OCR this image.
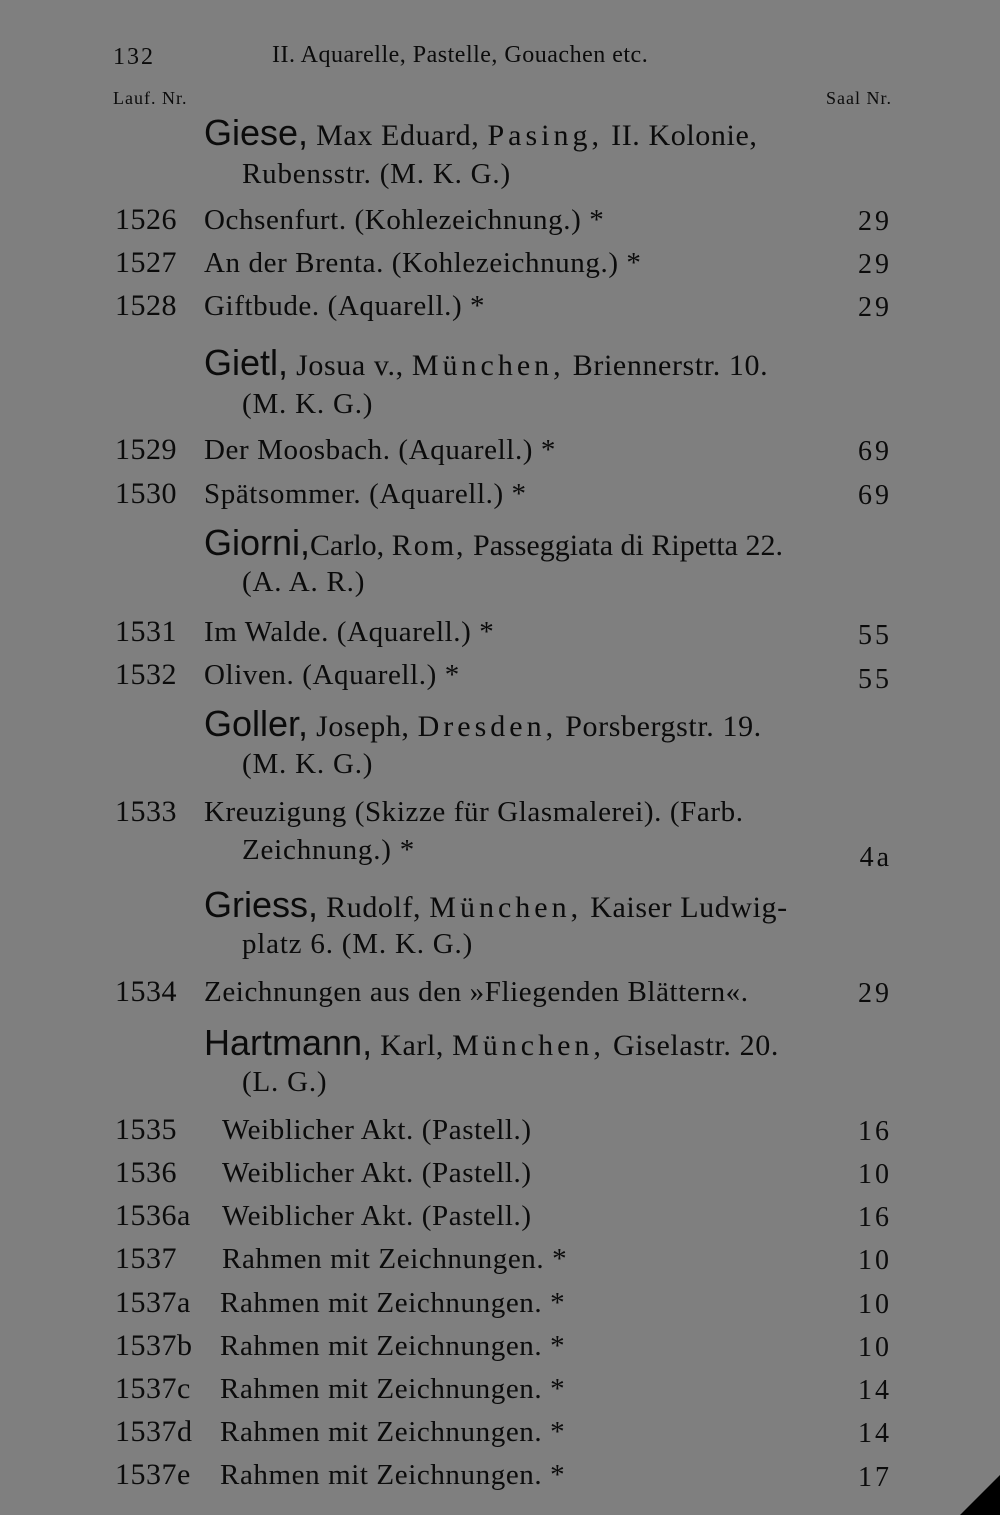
132	II. Aquarelle, Pastelle, Gouachen etc.
Lauf. Nr.	Saal Nr.
Giese, Max Eduard, Pasing, II. Kolonie,
Rubensstr. (M. K. G.)
1526 Ochsenfurt. (Kohlezeichnung.) *	29
1527 An der Brenta. (Kohlezeichnung.) *	29
1528 Giftbude. (Aquarell.) *	29
Gietl, Josua v., München, Briennerstr. 10.
(M. K. G.)
1529 Der Moosbach. (Aquarell.) *	69
1530 Spätsommer. (Aquarell.) *	69
Giorni,Carlo, Rom, Passeggiata di Ripetta 22.
(A. A. R.)
1531 Im Walde. (Aquarell.) *	55
1532 Oliven. (Aquarell.) *	55
Goller, Joseph, Dresden, Porsbergstr. 19.
(M. K. G.)
1533 Kreuzigung (Skizze für Glasmalerei). (Farb.
Zeichnung.) *	4a
Griess, Rudolf, München, Kaiser Ludwig-
platz 6. (M. K. G.)
1534 Zeichnungen aus den »Fliegenden Blättern«.	29
Hartmann, Karl, München, Giselastr. 20.
(L. G.)
1535 Weiblicher Akt. (Pastell.)	16
1536 Weiblicher Akt. (Pastell.)	10
1536a Weiblicher Akt. (Pastell.)	16
1537 Rahmen mit Zeichnungen. *	10
1537a Rahmen mit Zeichnungen. *	10
1537b Rahmen mit Zeichnungen. *	10
1537c Rahmen mit Zeichnungen. *	14
1537d Rahmen mit Zeichnungen. *	14
1537e Rahmen mit Zeichnungen. *	17
